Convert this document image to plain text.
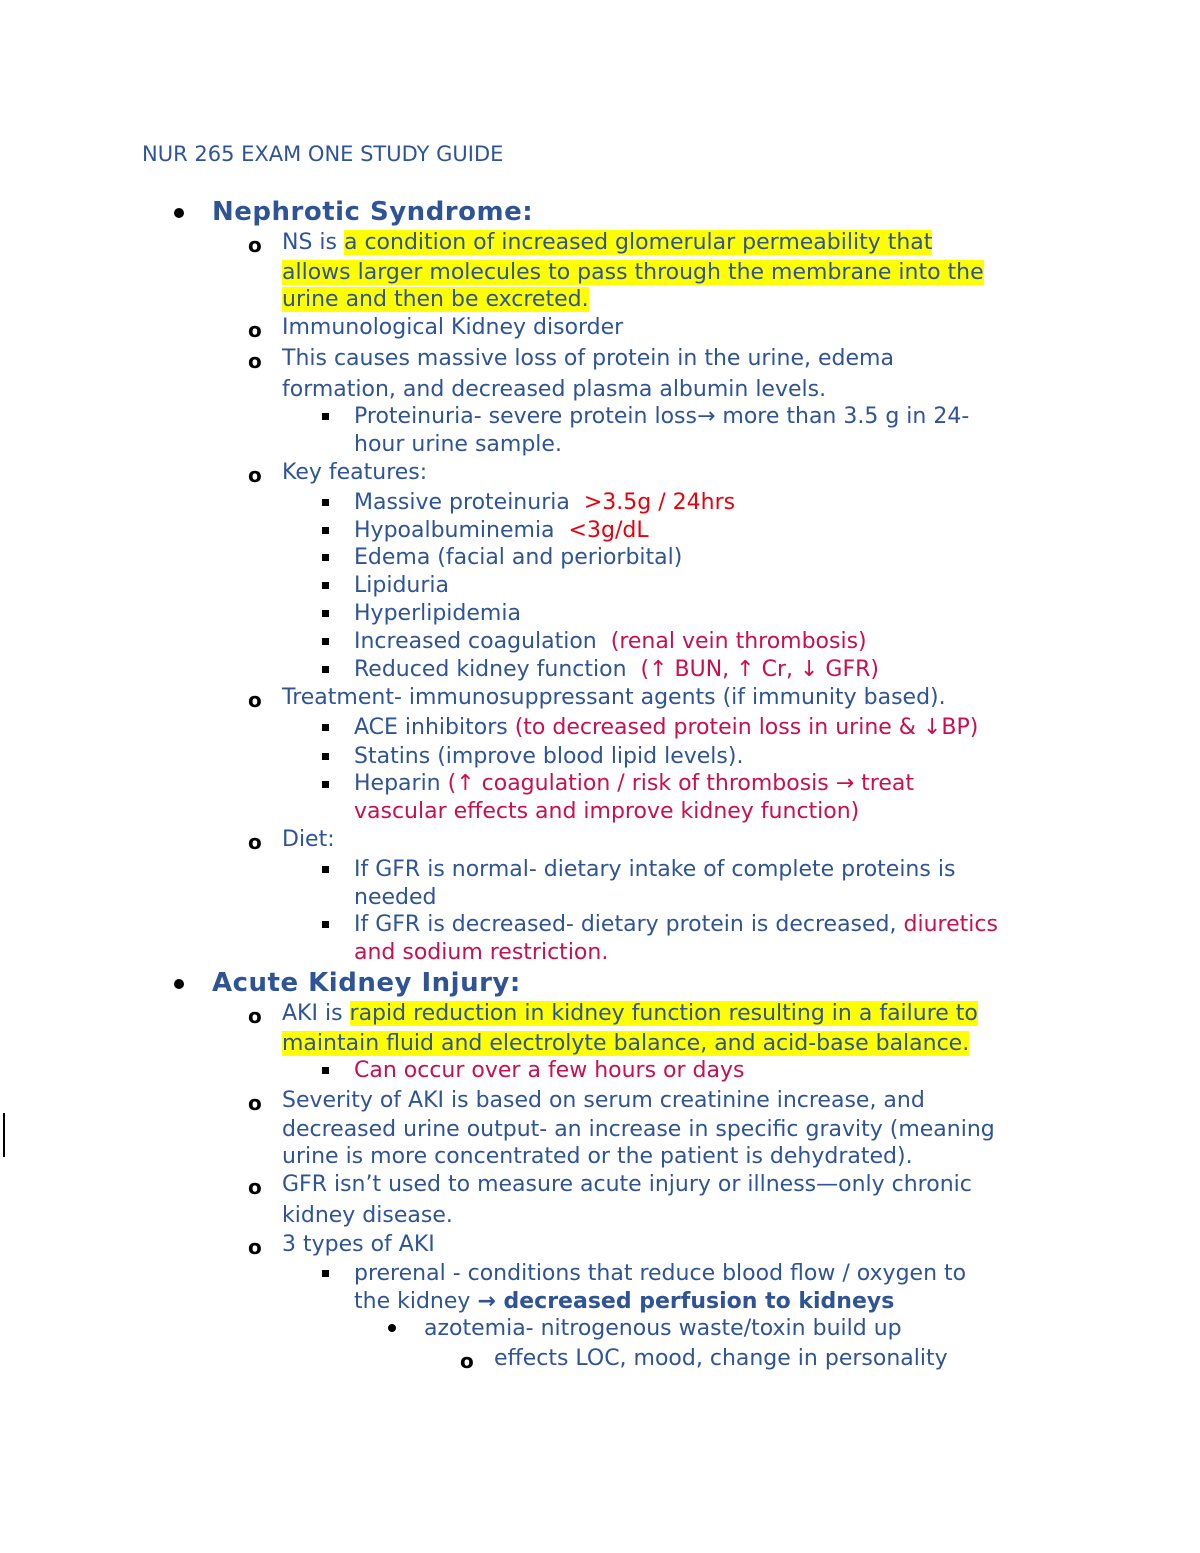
NUR 265 EXAM ONE STUDY GUIDE
Nephrotic Syndrome:
o NS is a condition of increased glomerular permeability that
allows larger molecules to pass through the membrane into the
urine and then be excreted.
o Immunological Kidney disorder
o This causes massive loss of protein in the urine, edema
formation, and decreased plasma albumin levels.
Proteinuria- severe protein loss→ more than 3.5 g in 24-
hour urine sample.
o Key features:
Massive proteinuria >3.5g / 24hrs
Hypoalbuminemia <3g/dL
Edema (facial and periorbital)
Lipiduria
Hyperlipidemia
Increased coagulation (renal vein thrombosis)
Reduced kidney function (↑ BUN, ↑ Cr, ↓ GFR)
o Treatment- immunosuppressant agents (if immunity based).
ACE inhibitors (to decreased protein loss in urine & ↓BP)
Statins (improve blood lipid levels).
Heparin (↑ coagulation / risk of thrombosis → treat
vascular effects and improve kidney function)
o Diet:
If GFR is normal- dietary intake of complete proteins is
needed
If GFR is decreased- dietary protein is decreased, diuretics
and sodium restriction.
Acute Kidney Injury:
o AKI is rapid reduction in kidney function resulting in a failure to
maintain fluid and electrolyte balance, and acid-base balance.
Can occur over a few hours or days
o Severity of AKI is based on serum creatinine increase, and
decreased urine output- an increase in specific gravity (meaning
urine is more concentrated or the patient is dehydrated).
o GFR isn’t used to measure acute injury or illness—only chronic
kidney disease.
o 3 types of AKI
prerenal - conditions that reduce blood flow / oxygen to
the kidney → decreased perfusion to kidneys
azotemia- nitrogenous waste/toxin build up
o effects LOC, mood, change in personality
